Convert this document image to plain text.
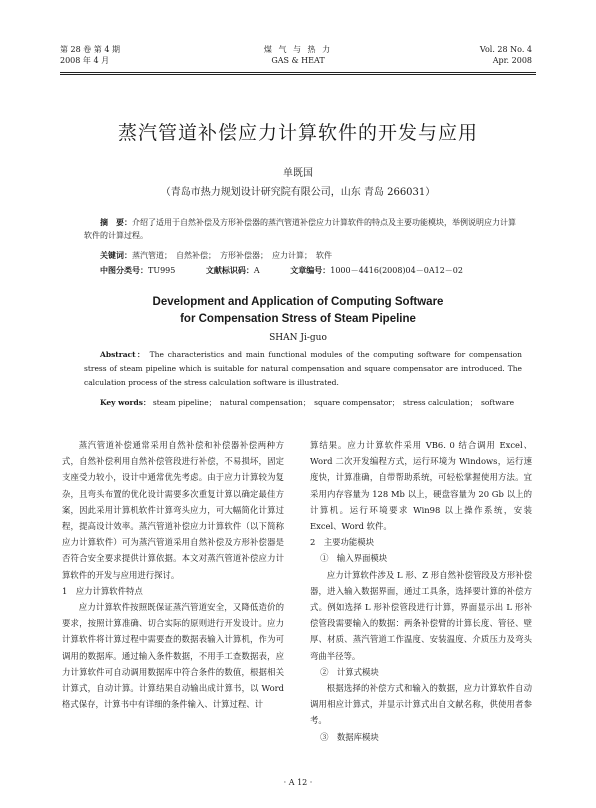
第 28 卷 第 4 期
2008 年 4 月
煤 气 与 热 力
GAS & HEAT
Vol. 28 No. 4
Apr. 2008
蒸汽管道补偿应力计算软件的开发与应用
单既国
（青岛市热力规划设计研究院有限公司，山东 青岛 266031）
摘　要：介绍了适用于自然补偿及方形补偿器的蒸汽管道补偿应力计算软件的特点及主要功能模块，举例说明应力计算软件的计算过程。
关键词：蒸汽管道；　自然补偿；　方形补偿器；　应力计算；　软件
中图分类号：TU995	文献标识码：A	文章编号：1000－4416(2008)04－0A12－02
Development and Application of Computing Software
for Compensation Stress of Steam Pipeline
SHAN Ji-guo
Abstract： The characteristics and main functional modules of the computing software for compensation stress of steam pipeline which is suitable for natural compensation and square compensator are introduced. The calculation process of the stress calculation software is illustrated.
Key words： steam pipeline；　natural compensation；　square compensator；　stress calculation；　software

蒸汽管道补偿通常采用自然补偿和补偿器补偿两种方式，自然补偿利用自然补偿管段进行补偿，不易损坏，固定支座受力较小，设计中通常优先考虑。由于应力计算较为复杂，且弯头布置的优化设计需要多次重复计算以确定最佳方案，因此采用计算机软件计算弯头应力，可大幅简化计算过程，提高设计效率。蒸汽管道补偿应力计算软件（以下简称应力计算软件）可为蒸汽管道采用自然补偿及方形补偿器是否符合安全要求提供计算依据。本文对蒸汽管道补偿应力计算软件的开发与应用进行探讨。

1　应力计算软件特点

应力计算软件按照既保证蒸汽管道安全，又降低造价的要求，按照计算准确、切合实际的原则进行开发设计。应力计算软件将计算过程中需要查的数据表输入计算机，作为可调用的数据库。通过输入条件数据，不用手工查数据表，应力计算软件可自动调用数据库中符合条件的数值，根据相关计算式，自动计算。计算结果自动输出成计算书，以 Word 格式保存，计算书中有详细的条件输入、计算过程、计

算结果。应力计算软件采用 VB6. 0 结合调用 Excel、Word 二次开发编程方式，运行环境为 Windows，运行速度快，计算准确，自带帮助系统，可轻松掌握使用方法。宜采用内存容量为 128 Mb 以上，硬盘容量为 20 Gb 以上的计算机。运行环境要求 Win98 以上操作系统，安装 Excel、Word 软件。

2　主要功能模块

①　输入界面模块

应力计算软件涉及 L 形、Z 形自然补偿管段及方形补偿器，进入输入数据界面，通过工具条，选择要计算的补偿方式。例如选择 L 形补偿管段进行计算，界面显示出 L 形补偿管段需要输入的数据：两条补偿臂的计算长度、管径、壁厚、材质、蒸汽管道工作温度、安装温度、介质压力及弯头弯曲半径等。

②　计算式模块

根据选择的补偿方式和输入的数据，应力计算软件自动调用相应计算式，并显示计算式出自文献名称，供使用者参考。

③　数据库模块

· A 12 ·
